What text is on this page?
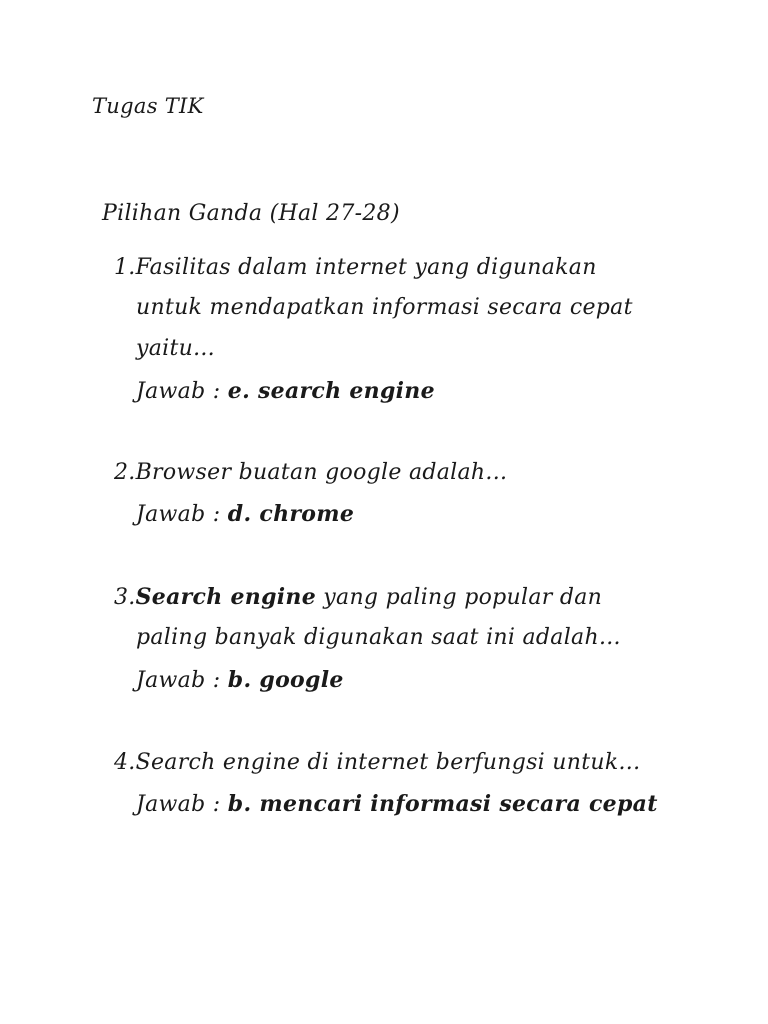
Tugas TIK
Pilihan Ganda (Hal 27-28)
1.Fasilitas dalam internet yang digunakan
untuk mendapatkan informasi secara cepat
yaitu...
Jawab : e. search engine
2.Browser buatan google adalah...
Jawab : d. chrome
3.Search engine yang paling popular dan
paling banyak digunakan saat ini adalah...
Jawab : b. google
4.Search engine di internet berfungsi untuk...
Jawab : b. mencari informasi secara cepat
